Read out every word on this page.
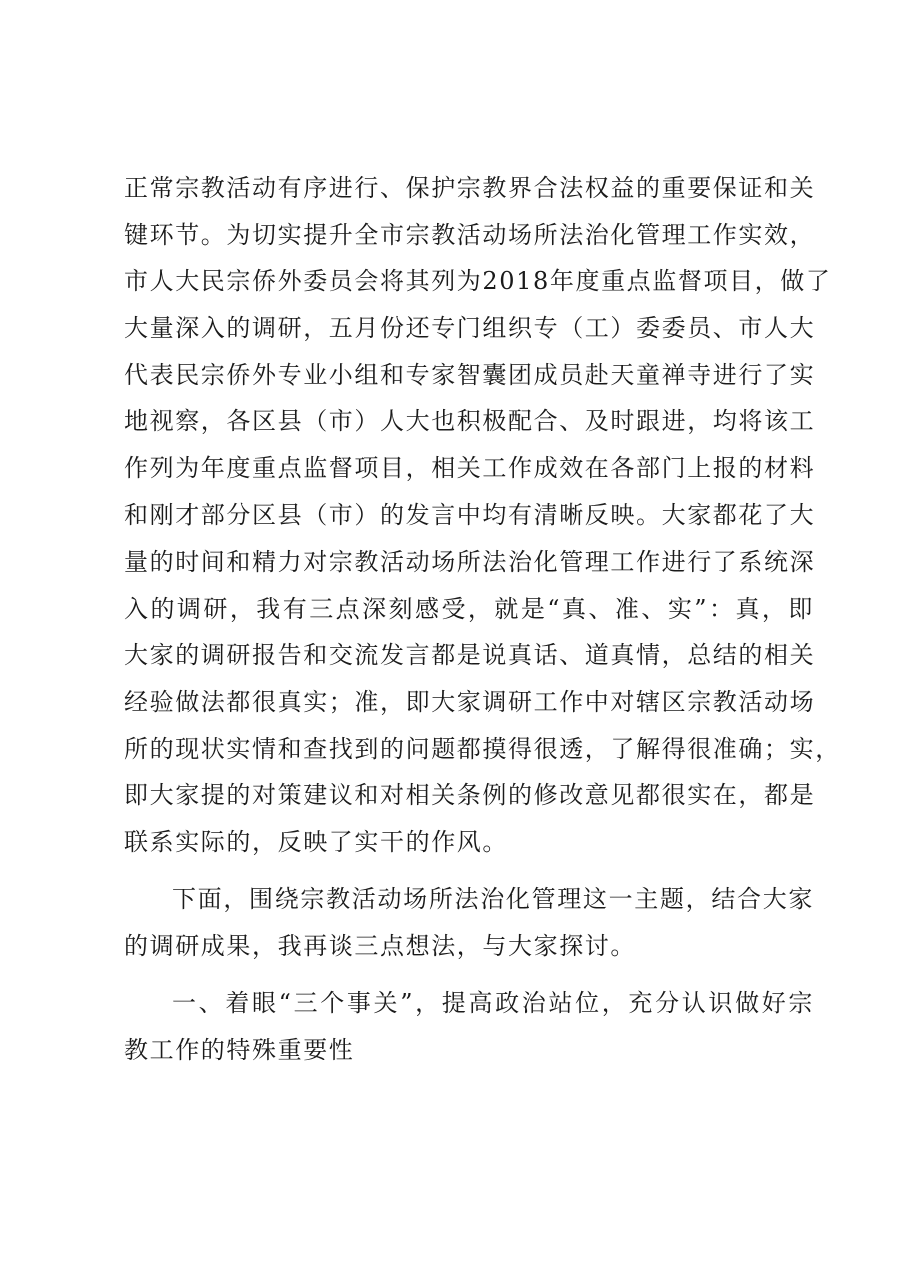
正常宗教活动有序进行、保护宗教界合法权益的重要保证和关
键环节。为切实提升全市宗教活动场所法治化管理工作实效，
市人大民宗侨外委员会将其列为2018年度重点监督项目，做了
大量深入的调研，五月份还专门组织专（工）委委员、市人大
代表民宗侨外专业小组和专家智囊团成员赴天童禅寺进行了实
地视察，各区县（市）人大也积极配合、及时跟进，均将该工
作列为年度重点监督项目，相关工作成效在各部门上报的材料
和刚才部分区县（市）的发言中均有清晰反映。大家都花了大
量的时间和精力对宗教活动场所法治化管理工作进行了系统深
入的调研，我有三点深刻感受，就是“真、准、实”：真，即
大家的调研报告和交流发言都是说真话、道真情，总结的相关
经验做法都很真实；准，即大家调研工作中对辖区宗教活动场
所的现状实情和查找到的问题都摸得很透，了解得很准确；实，
即大家提的对策建议和对相关条例的修改意见都很实在，都是
联系实际的，反映了实干的作风。
下面，围绕宗教活动场所法治化管理这一主题，结合大家
的调研成果，我再谈三点想法，与大家探讨。
一、着眼“三个事关”，提高政治站位，充分认识做好宗
教工作的特殊重要性
